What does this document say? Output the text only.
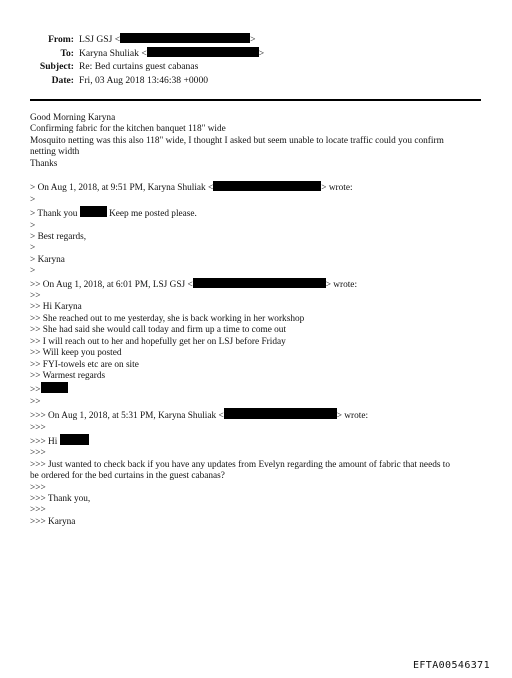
From: LSJ GSJ <	>
To: Karyna Shuliak <	>
Subject: Re: Bed curtains guest cabanas
Date: Fri, 03 Aug 2018 13:46:38 +0000
Good Morning Karyna
Confirming fabric for the kitchen banquet 118" wide
Mosquito netting was this also 118" wide, I thought I asked but seem unable to locate traffic could you confirm
netting width
Thanks
> On Aug 1, 2018, at 9:51 PM, Karyna Shuliak <	> wrote:
>
> Thank you	Keep me posted please.
>
> Best regards,
>
> Karyna
>
>> On Aug 1, 2018, at 6:01 PM, LSJ GSJ <	> wrote:
>>
>> Hi Karyna
>> She reached out to me yesterday, she is back working in her workshop
>> She had said she would call today and firm up a time to come out
>> I will reach out to her and hopefully get her on LSJ before Friday
>> Will keep you posted
>> FYI-towels etc are on site
>> Warmest regards
>>
>>
>>> On Aug 1, 2018, at 5:31 PM, Karyna Shuliak <	> wrote:
>>>
>>> Hi
>>>
>>> Just wanted to check back if you have any updates from Evelyn regarding the amount of fabric that needs to
be ordered for the bed curtains in the guest cabanas?
>>>
>>> Thank you,
>>>
>>> Karyna
EFTA00546371
